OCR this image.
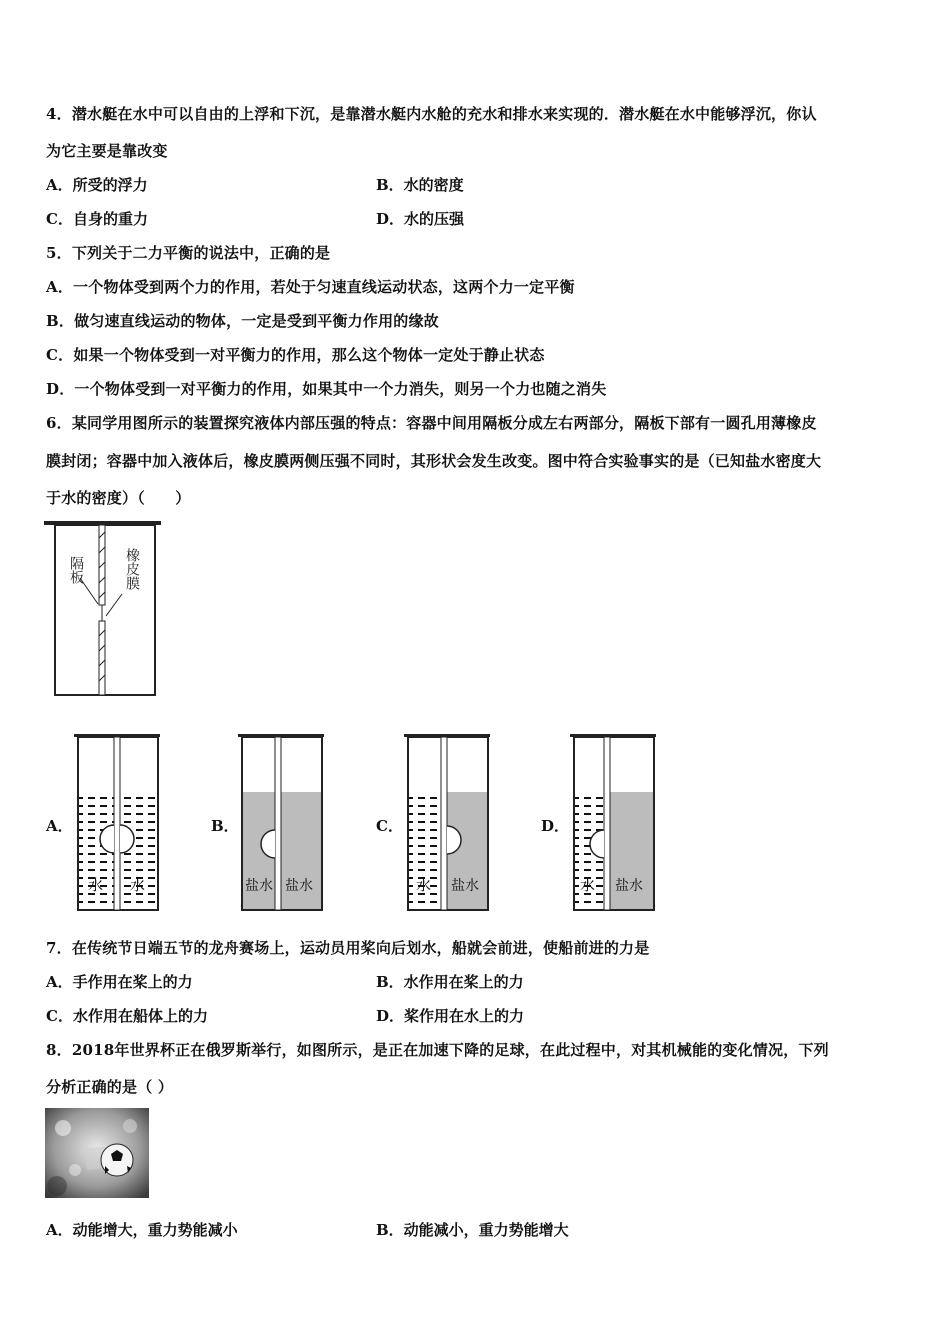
4．潜水艇在水中可以自由的上浮和下沉，是靠潜水艇内水舱的充水和排水来实现的．潜水艇在水中能够浮沉，你认
为它主要是靠改变
A．所受的浮力	B．水的密度
C．自身的重力	D．水的压强
5．下列关于二力平衡的说法中，正确的是
A．一个物体受到两个力的作用，若处于匀速直线运动状态，这两个力一定平衡
B．做匀速直线运动的物体，一定是受到平衡力作用的缘故
C．如果一个物体受到一对平衡力的作用，那么这个物体一定处于静止状态
D．一个物体受到一对平衡力的作用，如果其中一个力消失，则另一个力也随之消失
6．某同学用图所示的装置探究液体内部压强的特点：容器中间用隔板分成左右两部分，隔板下部有一圆孔用薄橡皮
膜封闭；容器中加入液体后，橡皮膜两侧压强不同时，其形状会发生改变。图中符合实验事实的是（已知盐水密度大
于水的密度）（　　）
隔板	橡皮膜
A．	B．	C．	D．
水 水	盐水 盐水	水 盐水	水 盐水
7．在传统节日端五节的龙舟赛场上，运动员用桨向后划水，船就会前进，使船前进的力是
A．手作用在桨上的力	B．水作用在桨上的力
C．水作用在船体上的力	D．桨作用在水上的力
8．2018年世界杯正在俄罗斯举行，如图所示，是正在加速下降的足球，在此过程中，对其机械能的变化情况，下列
分析正确的是（ ）
A．动能增大，重力势能减小	B．动能减小，重力势能增大
